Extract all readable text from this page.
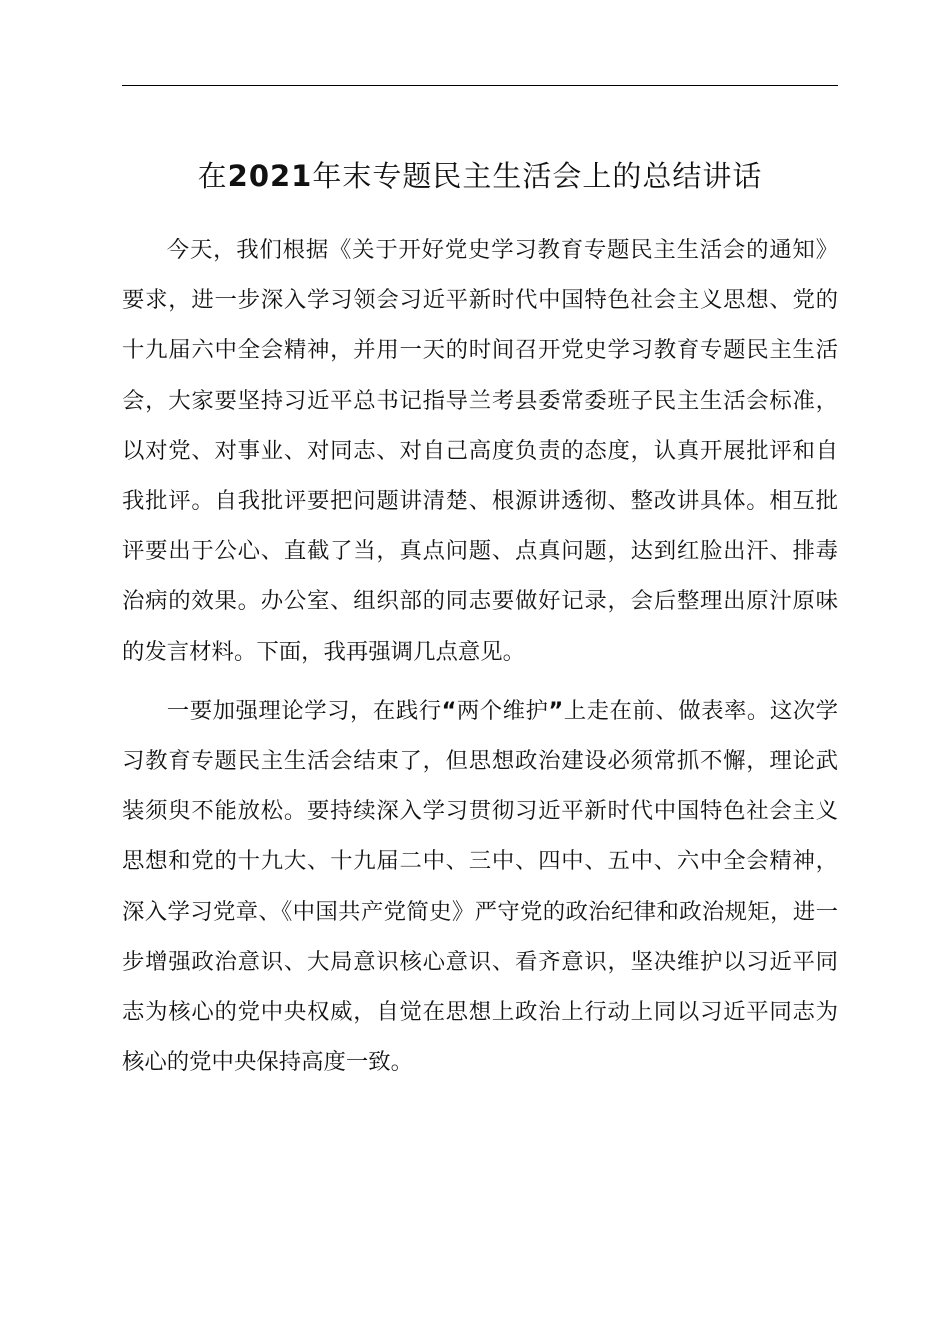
在2021年末专题民主生活会上的总结讲话

今天，我们根据《关于开好党史学习教育专题民主生活会的通知》要求，进一步深入学习领会习近平新时代中国特色社会主义思想、党的十九届六中全会精神，并用一天的时间召开党史学习教育专题民主生活会，大家要坚持习近平总书记指导兰考县委常委班子民主生活会标准，以对党、对事业、对同志、对自己高度负责的态度，认真开展批评和自我批评。自我批评要把问题讲清楚、根源讲透彻、整改讲具体。相互批评要出于公心、直截了当，真点问题、点真问题，达到红脸出汗、排毒治病的效果。办公室、组织部的同志要做好记录，会后整理出原汁原味的发言材料。下面，我再强调几点意见。

一要加强理论学习，在践行“两个维护”上走在前、做表率。这次学习教育专题民主生活会结束了，但思想政治建设必须常抓不懈，理论武装须臾不能放松。要持续深入学习贯彻习近平新时代中国特色社会主义思想和党的十九大、十九届二中、三中、四中、五中、六中全会精神，深入学习党章、《中国共产党简史》严守党的政治纪律和政治规矩，进一步增强政治意识、大局意识核心意识、看齐意识，坚决维护以习近平同志为核心的党中央权威，自觉在思想上政治上行动上同以习近平同志为核心的党中央保持高度一致。
